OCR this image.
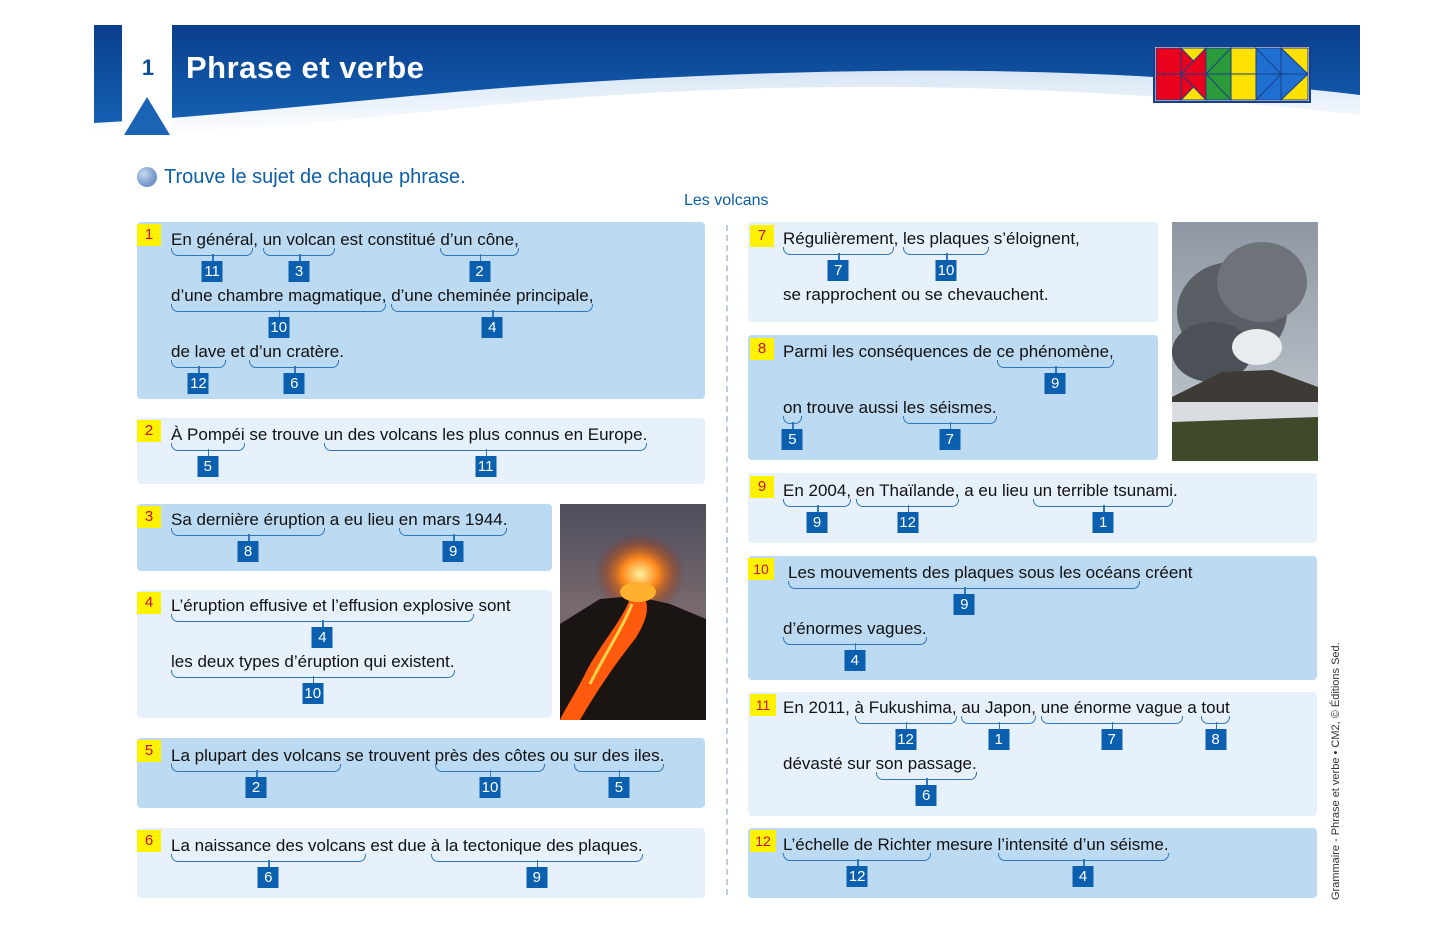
1 Phrase et verbe
Trouve le sujet de chaque phrase.
Les volcans
Grammaire - Phrase et verbe • CM2, © Éditions Sed.
1	En général
11
, un volcan
3
est constitué d’un cône,
2
d’une chambre magmatique,
10
d’une cheminée principale,
4
de lave
12
et d’un cratère
6
.
2	À Pompéi
5
se trouve un des volcans les plus connus en Europe.
11
3	Sa dernière éruption
8
a eu lieu en mars 1944.
9
4	L’éruption effusive et l’effusion explosive
4
sont
les deux types d’éruption qui existent.
10
5	La plupart des volcans
2
se trouvent près des côtes
10
ou sur des iles.
5
6	La naissance des volcans
6
est due à la tectonique des plaques.
9
7 Régulièrement
7
, les plaques
10
s’éloignent,
se rapprochent ou se chevauchent.
8 Parmi les conséquences de ce phénomène,
9
on
5
trouve aussi les séismes.
7
9 En 2004,
9
en Thaïlande,
12
a eu lieu un terrible tsunami
1
.
10	Les mouvements des plaques sous les océans
9
créent
d’énormes vagues.
4
11 En 2011, à Fukushima,
12
au Japon,
1
une énorme vague
7
a tout
8
dévasté sur son passage.
6
12 L’échelle de Richter
12
mesure l’intensité d’un séisme.
4
